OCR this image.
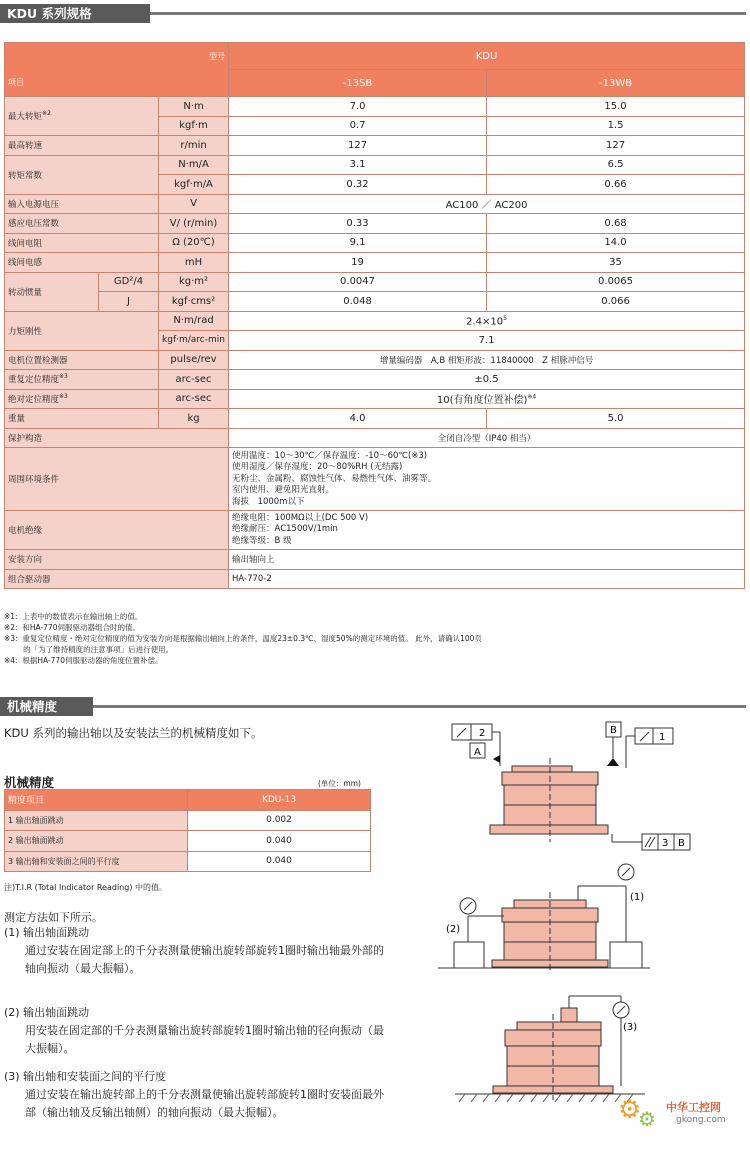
KDU 系列规格
型号			KDU	
项目			-13SB	-13WB
最大转矩$^{※2}$		N·m	7.0	15.0
		kgf·m	0.7	1.5
最高转速		r/min	127	127
转矩常数		N·m/A	3.1	6.5
		kgf·m/A	0.32	0.66
输入电源电压		V	AC100 ／ AC200	
感应电压常数		V/ (r/min)	0.33	0.68
线间电阻		Ω (20℃)	9.1	14.0
线间电感		mH	19	35
转动惯量	GD²/4	kg·m²	0.0047	0.0065
	J	kgf·cms²	0.048	0.066
力矩刚性		N·m/rad	$2.4\times 10^5$
		kgf·m/arc-min	7.1	
电机位置检测器		pulse/rev	增量编码器　A,B 相矩形波：11840000　Z 相脉冲信号	
重复定位精度$^{※3}$		arc-sec	±0.5	
绝对定位精度$^{※3}$		arc-sec	10(有角度位置补偿)$^{※4}$
重量		kg	4.0	5.0
保护构造			全闭自冷型（IP40 相当）	
周围环境条件			使用温度：10～30℃／保存温度：-10～60℃(※3)
使用湿度／保存湿度：20～80%RH (无结露)
无粉尘、金属粉、腐蚀性气体、易燃性气体、油雾等。
室内使用、避免阳光直射。
海拔　1000m以下	

电机绝缘			绝缘电阻：100MΩ以上(DC 500 V)
绝缘耐压：AC1500V/1min
绝缘等级：B 级	

安装方向			输出轴向上	
组合驱动器			HA-770-2	
※1:  上表中的数值表示在输出轴上的值。
※2:  和HA-770伺服驱动器组合时的值。
※3:  重复定位精度・绝对定位精度的值为安装方向是根据输出轴向上的条件，温度23±0.3℃、湿度50%的测定环境的值。 此外，请确认100页
的「为了维持精度的注意事项」后进行使用。
※4:  根据HA-770伺服驱动器的角度位置补偿。
机械精度
KDU 系列的输出轴以及安装法兰的机械精度如下。
机械精度	(单位：mm)
精度项目	KDU-13
1 输出轴面跳动	0.002
2 输出轴面跳动	0.040
3 输出轴和安装面之间的平行度	0.040
注)T.I.R (Total Indicator Reading) 中的值。
测定方法如下所示。
(1) 输出轴面跳动
通过安装在固定部上的千分表测量使输出旋转部旋转1圈时输出轴最外部的轴向振动（最大振幅）。
(2) 输出轴面跳动
用安装在固定部的千分表测量输出旋转部旋转1圈时输出轴的径向振动（最大振幅）。
(3) 输出轴和安装面之间的平行度
通过安装在输出旋转部上的千分表测量使输出旋转部旋转1圈时安装面最外部（输出轴及反输出轴侧）的轴向振动（最大振幅）。
2
A
B
1
3 B
(1)
(2)
(3)
⚙
⚙ 中华工控网
gkong.com
